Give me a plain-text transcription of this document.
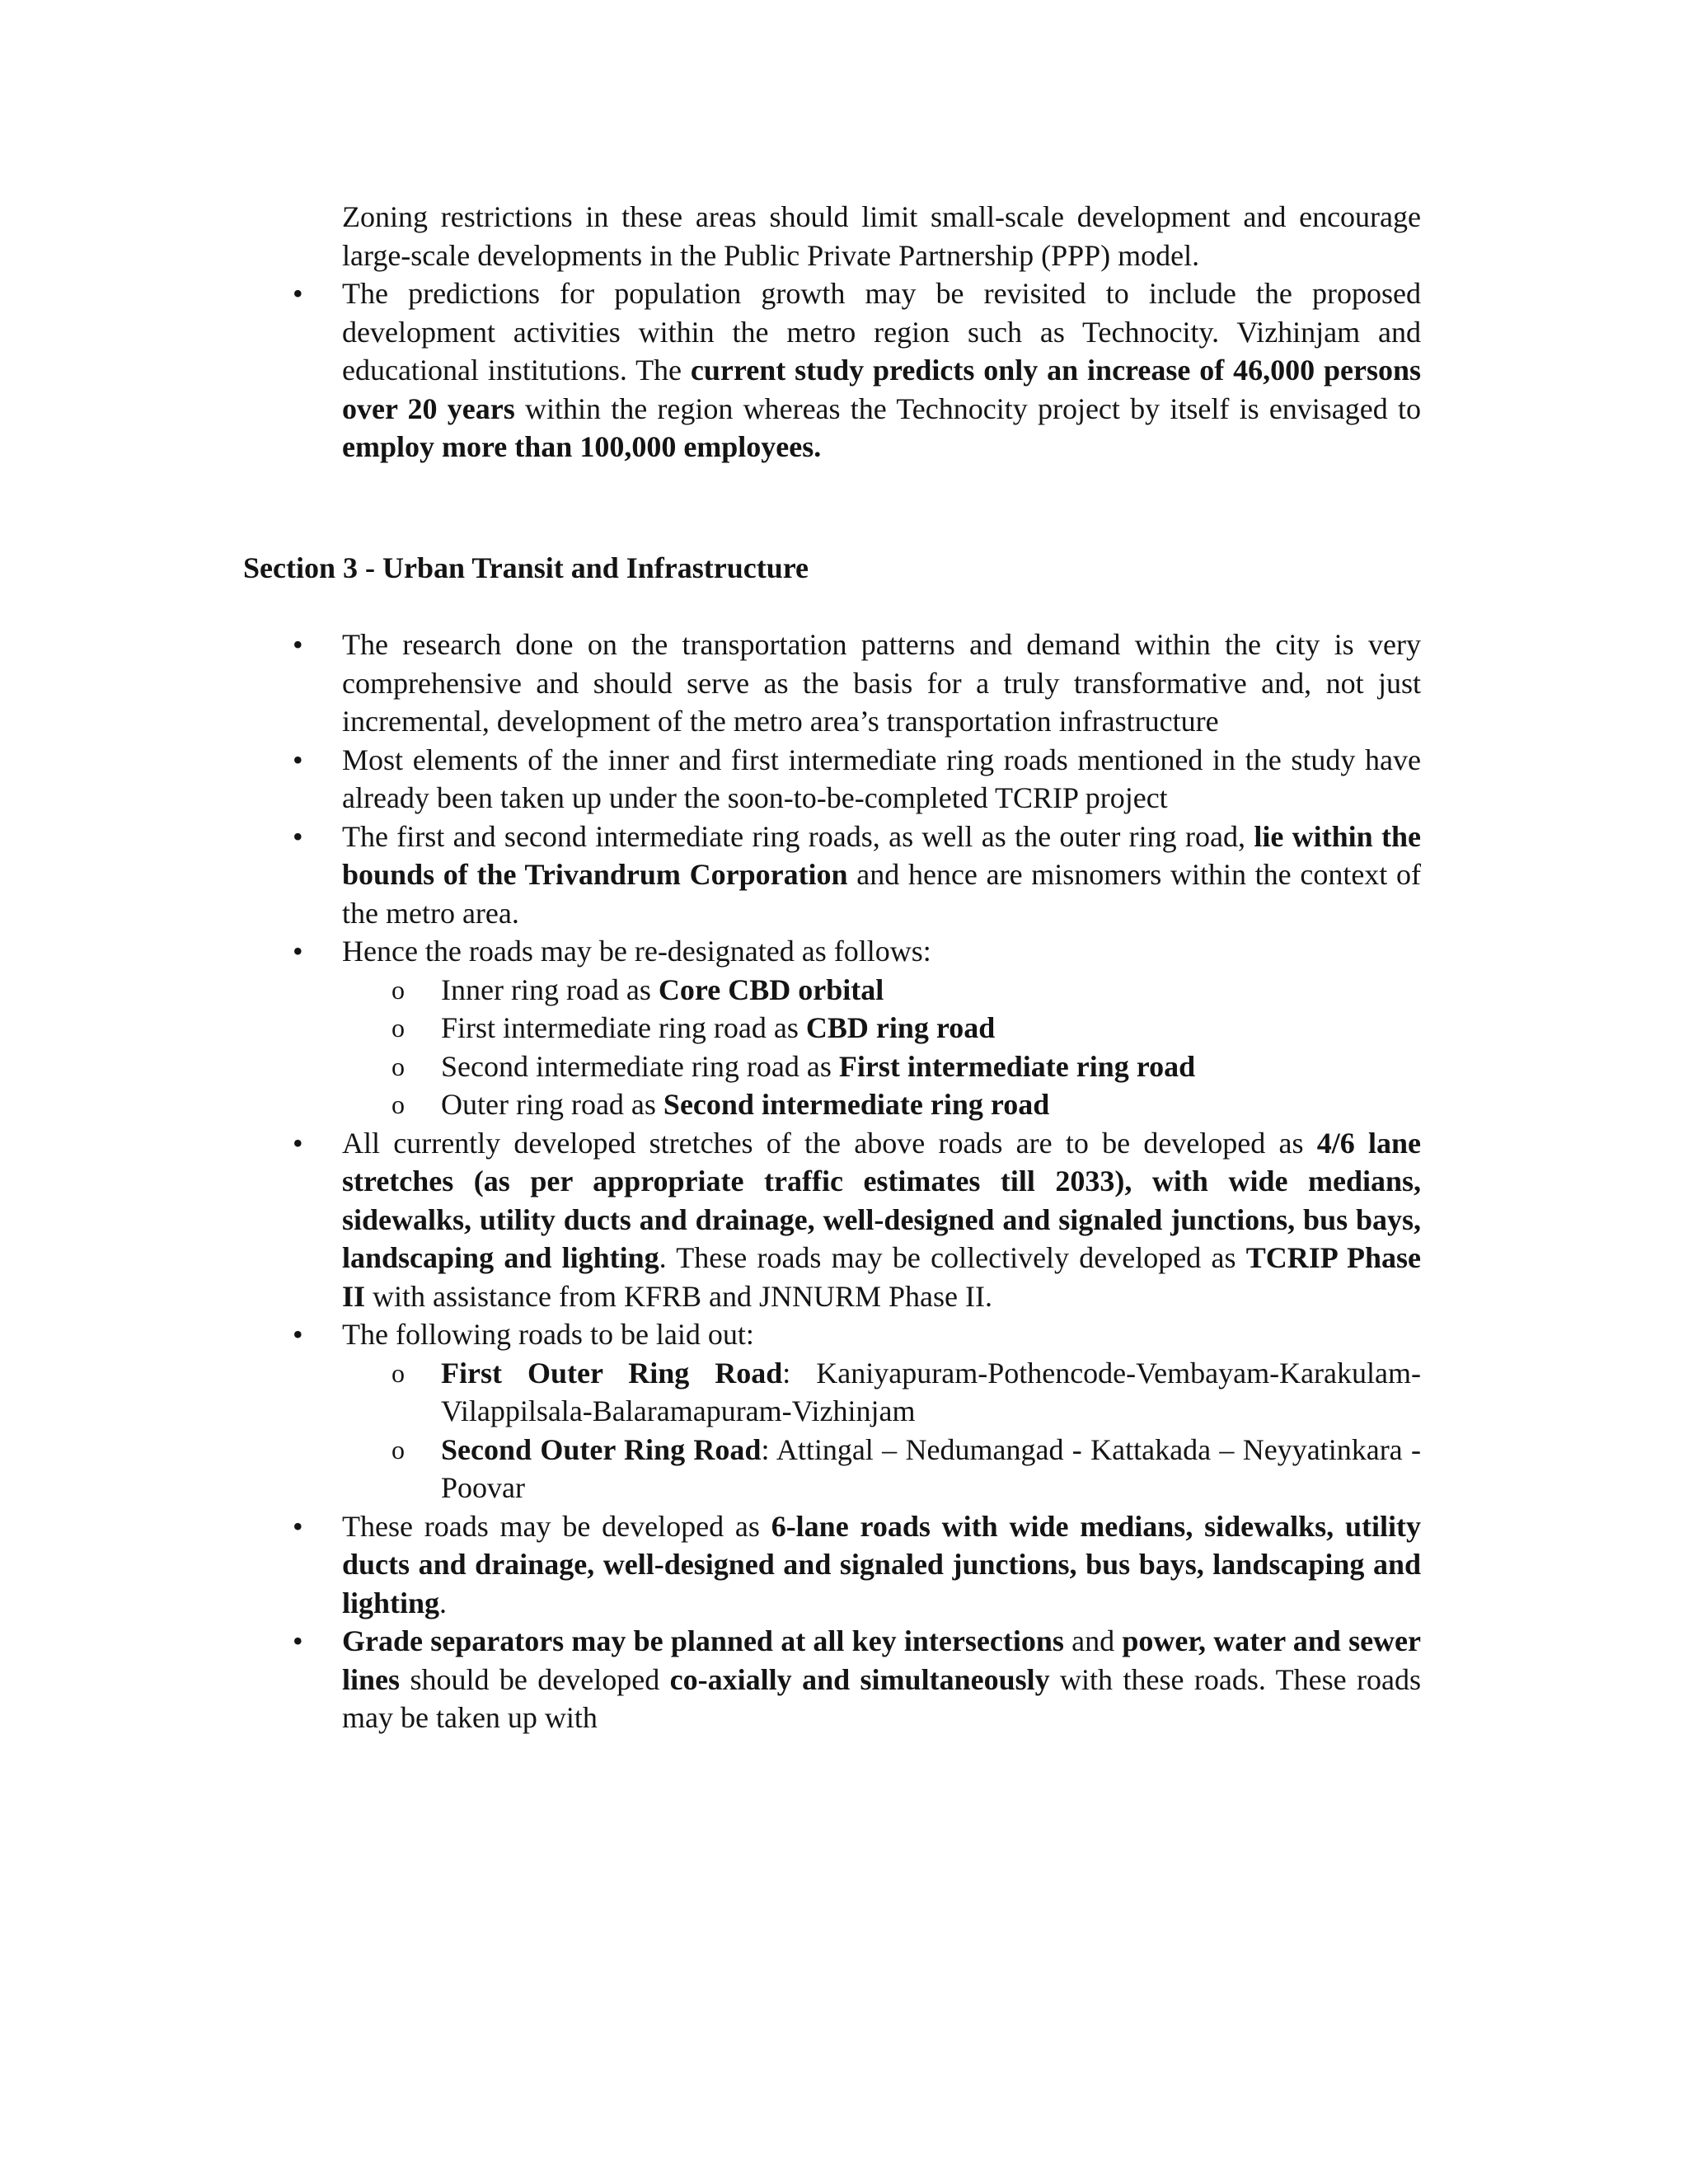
Zoning restrictions in these areas should limit small-scale development and encourage large-scale developments in the Public Private Partnership (PPP) model.
• The predictions for population growth may be revisited to include the proposed development activities within the metro region such as Technocity. Vizhinjam and educational institutions. The current study predicts only an increase of 46,000 persons over 20 years within the region whereas the Technocity project by itself is envisaged to employ more than 100,000 employees.
Section 3 - Urban Transit and Infrastructure
• The research done on the transportation patterns and demand within the city is very comprehensive and should serve as the basis for a truly transformative and, not just incremental, development of the metro area’s transportation infrastructure
• Most elements of the inner and first intermediate ring roads mentioned in the study have already been taken up under the soon-to-be-completed TCRIP project
• The first and second intermediate ring roads, as well as the outer ring road, lie within the bounds of the Trivandrum Corporation and hence are misnomers within the context of the metro area.
• Hence the roads may be re-designated as follows:
o Inner ring road as Core CBD orbital
o First intermediate ring road as CBD ring road
o Second intermediate ring road as First intermediate ring road
o Outer ring road as Second intermediate ring road
• All currently developed stretches of the above roads are to be developed as 4/6 lane stretches (as per appropriate traffic estimates till 2033), with wide medians, sidewalks, utility ducts and drainage, well-designed and signaled junctions, bus bays, landscaping and lighting. These roads may be collectively developed as TCRIP Phase II with assistance from KFRB and JNNURM Phase II.
• The following roads to be laid out:
o First Outer Ring Road: Kaniyapuram-Pothencode-Vembayam-Karakulam-Vilappilsala-Balaramapuram-Vizhinjam
o Second Outer Ring Road: Attingal – Nedumangad - Kattakada – Neyyatinkara - Poovar
• These roads may be developed as 6-lane roads with wide medians, sidewalks, utility ducts and drainage, well-designed and signaled junctions, bus bays, landscaping and lighting.
• Grade separators may be planned at all key intersections and power, water and sewer lines should be developed co-axially and simultaneously with these roads. These roads may be taken up with
